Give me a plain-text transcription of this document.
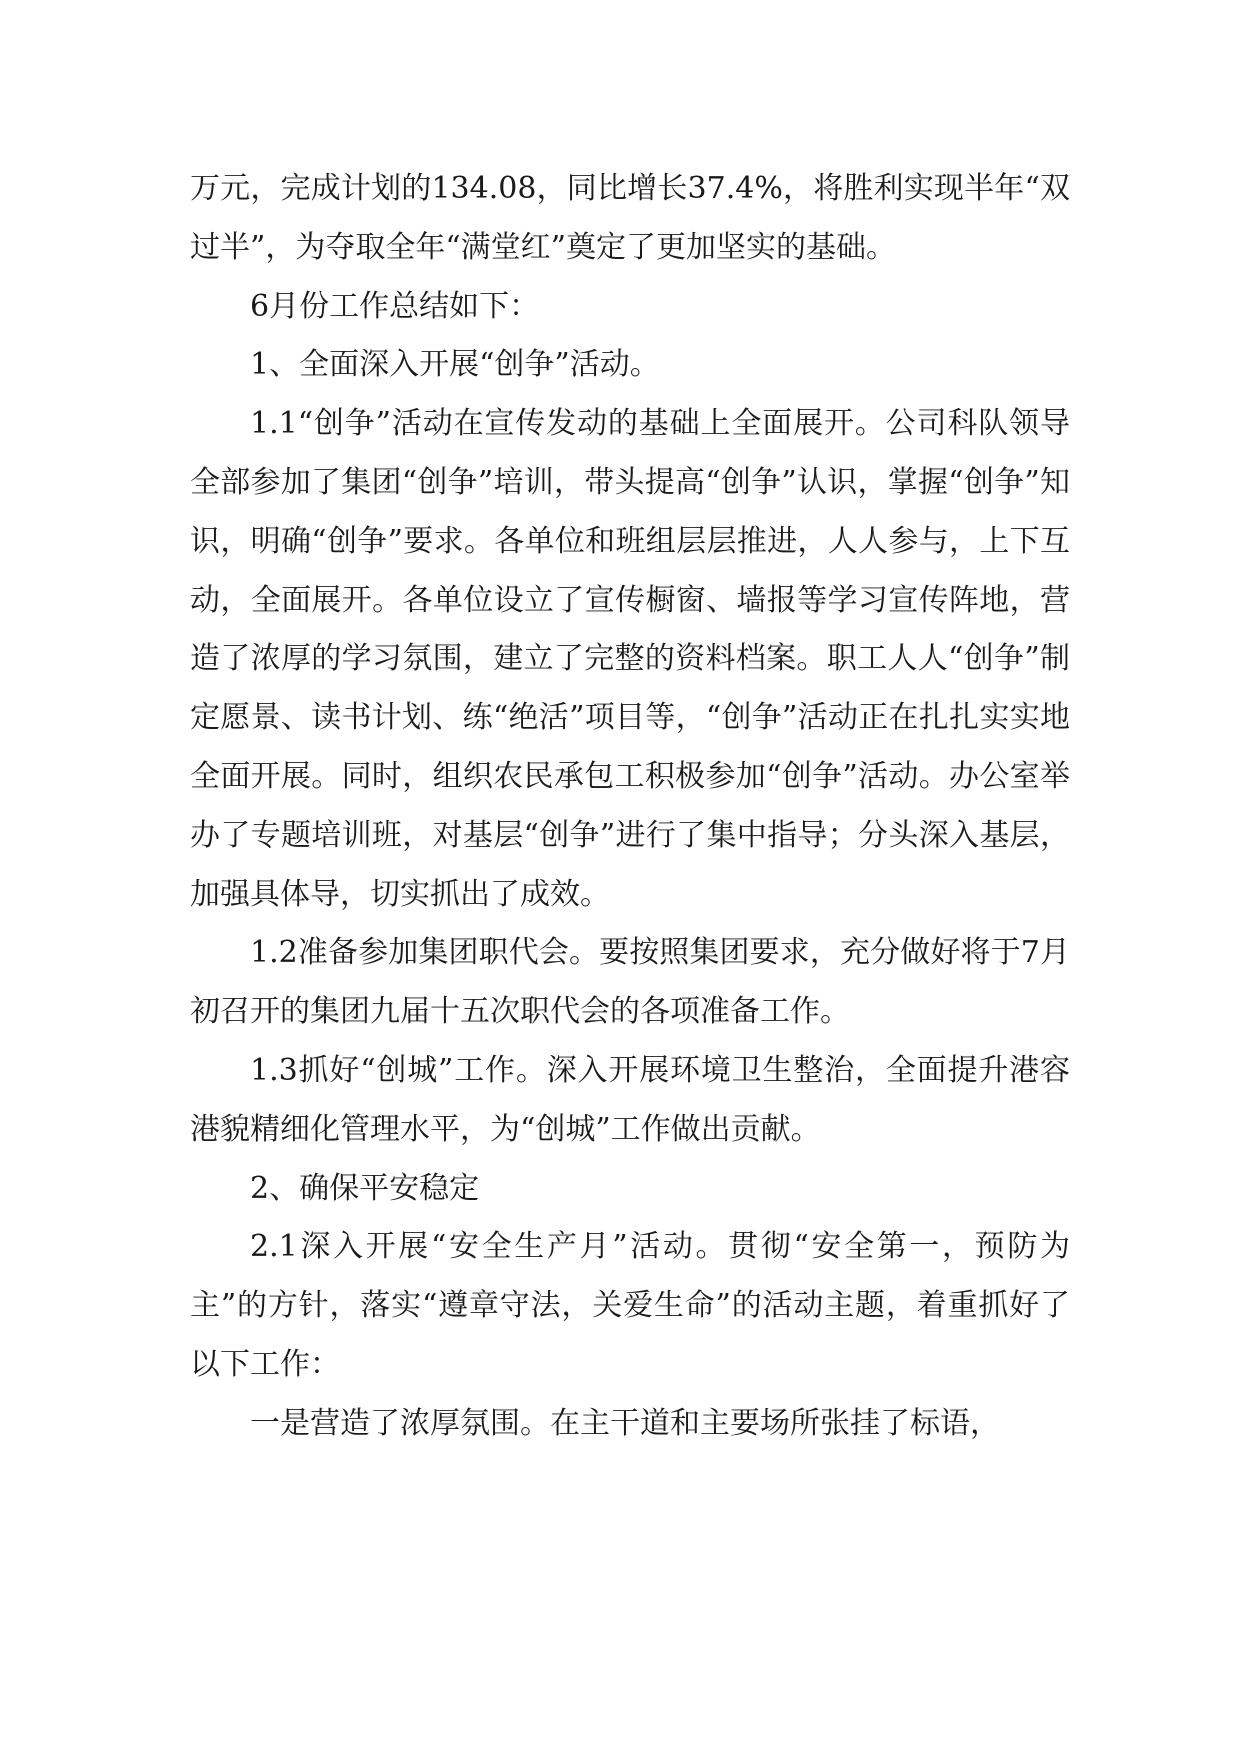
万元，完成计划的134.08，同比增长37.4%，将胜利实现半年“双过半”，为夺取全年“满堂红”奠定了更加坚实的基础。

6月份工作总结如下：

1、全面深入开展“创争”活动。

1.1“创争”活动在宣传发动的基础上全面展开。公司科队领导全部参加了集团“创争”培训，带头提高“创争”认识，掌握“创争”知识，明确“创争”要求。各单位和班组层层推进，人人参与，上下互动，全面展开。各单位设立了宣传橱窗、墙报等学习宣传阵地，营造了浓厚的学习氛围，建立了完整的资料档案。职工人人“创争”制定愿景、读书计划、练“绝活”项目等，“创争”活动正在扎扎实实地全面开展。同时，组织农民承包工积极参加“创争”活动。办公室举办了专题培训班，对基层“创争”进行了集中指导；分头深入基层，加强具体导，切实抓出了成效。

1.2准备参加集团职代会。要按照集团要求，充分做好将于7月初召开的集团九届十五次职代会的各项准备工作。

1.3抓好“创城”工作。深入开展环境卫生整治，全面提升港容港貌精细化管理水平，为“创城”工作做出贡献。

2、确保平安稳定

2.1深入开展“安全生产月”活动。贯彻“安全第一，预防为主”的方针，落实“遵章守法，关爱生命”的活动主题，着重抓好了以下工作：

一是营造了浓厚氛围。在主干道和主要场所张挂了标语，
